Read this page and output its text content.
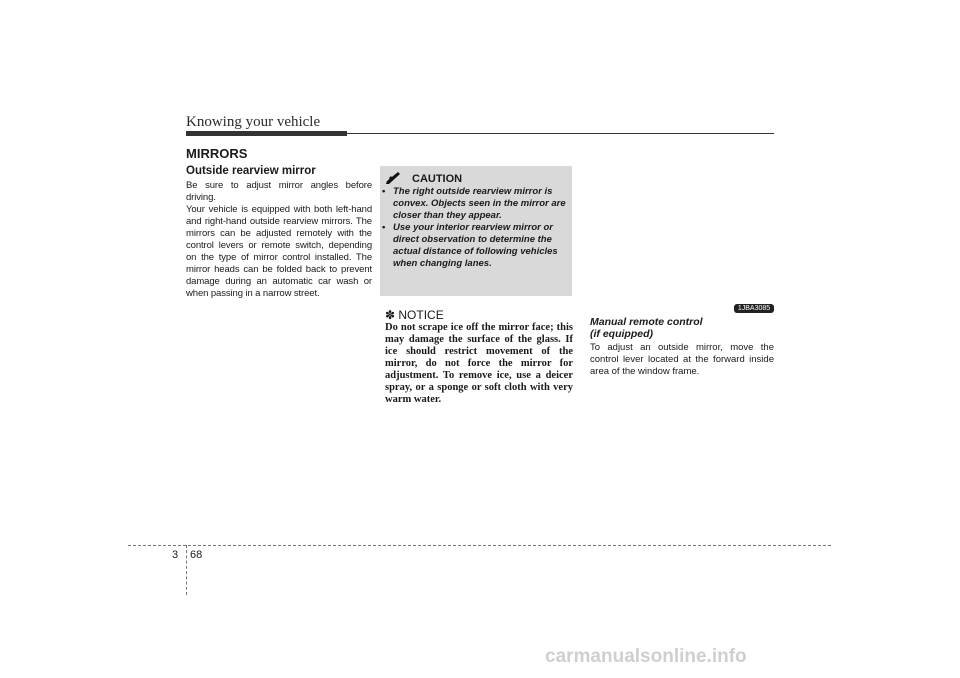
Knowing your vehicle
MIRRORS
Outside rearview mirror

Be sure to adjust mirror angles before driving.

Your vehicle is equipped with both left-hand and right-hand outside rearview mirrors. The mirrors can be adjusted remotely with the control levers or remote switch, depending on the type of mirror control installed. The mirror heads can be folded back to prevent damage during an automatic car wash or when passing in a narrow street.

CAUTION
• The right outside rearview mirror is convex. Objects seen in the mirror are closer than they appear.
• Use your interior rearview mirror or direct observation to determine the actual distance of following vehicles when changing lanes.
✽ NOTICE
Do not scrape ice off the mirror face; this may damage the surface of the glass. If ice should restrict movement of the mirror, do not force the mirror for adjustment. To remove ice, use a deicer spray, or a sponge or soft cloth with very warm water.
1JBA3085
Manual remote control
(if equipped)
To adjust an outside mirror, move the control lever located at the forward inside area of the window frame.
3 68
carmanualsonline.info
